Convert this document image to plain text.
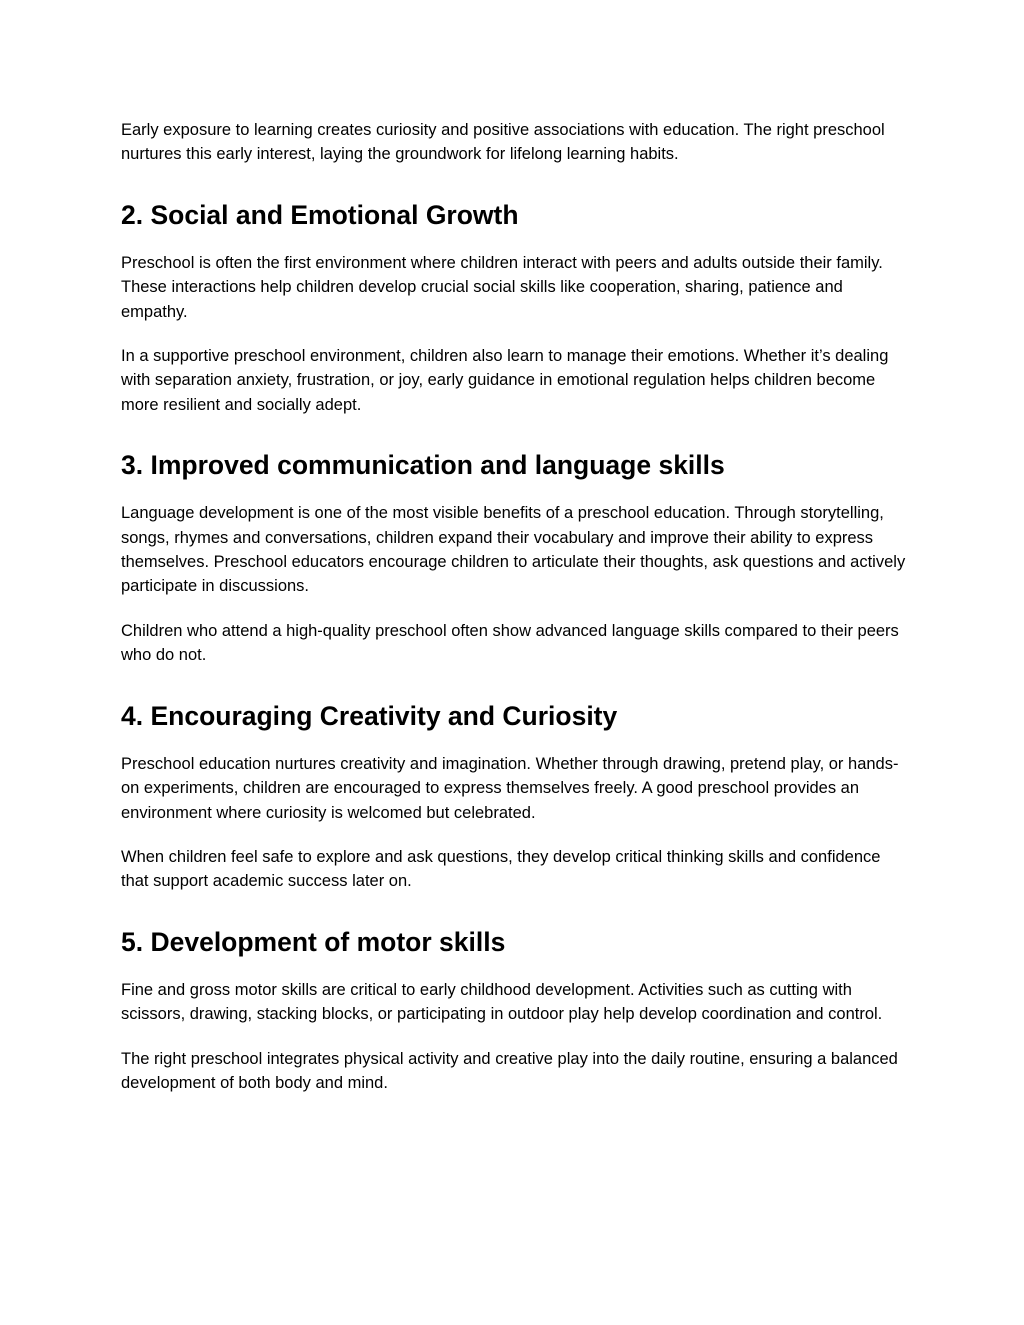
Early exposure to learning creates curiosity and positive associations with education. The right preschool nurtures this early interest, laying the groundwork for lifelong learning habits.

2. Social and Emotional Growth

Preschool is often the first environment where children interact with peers and adults outside their family. These interactions help children develop crucial social skills like cooperation, sharing, patience and empathy.

In a supportive preschool environment, children also learn to manage their emotions. Whether it’s dealing with separation anxiety, frustration, or joy, early guidance in emotional regulation helps children become more resilient and socially adept.

3. Improved communication and language skills

Language development is one of the most visible benefits of a preschool education. Through storytelling, songs, rhymes and conversations, children expand their vocabulary and improve their ability to express themselves. Preschool educators encourage children to articulate their thoughts, ask questions and actively participate in discussions.

Children who attend a high-quality preschool often show advanced language skills compared to their peers who do not.

4. Encouraging Creativity and Curiosity

Preschool education nurtures creativity and imagination. Whether through drawing, pretend play, or hands-on experiments, children are encouraged to express themselves freely. A good preschool provides an environment where curiosity is welcomed but celebrated.

When children feel safe to explore and ask questions, they develop critical thinking skills and confidence that support academic success later on.

5. Development of motor skills

Fine and gross motor skills are critical to early childhood development. Activities such as cutting with scissors, drawing, stacking blocks, or participating in outdoor play help develop coordination and control.

The right preschool integrates physical activity and creative play into the daily routine, ensuring a balanced development of both body and mind.
